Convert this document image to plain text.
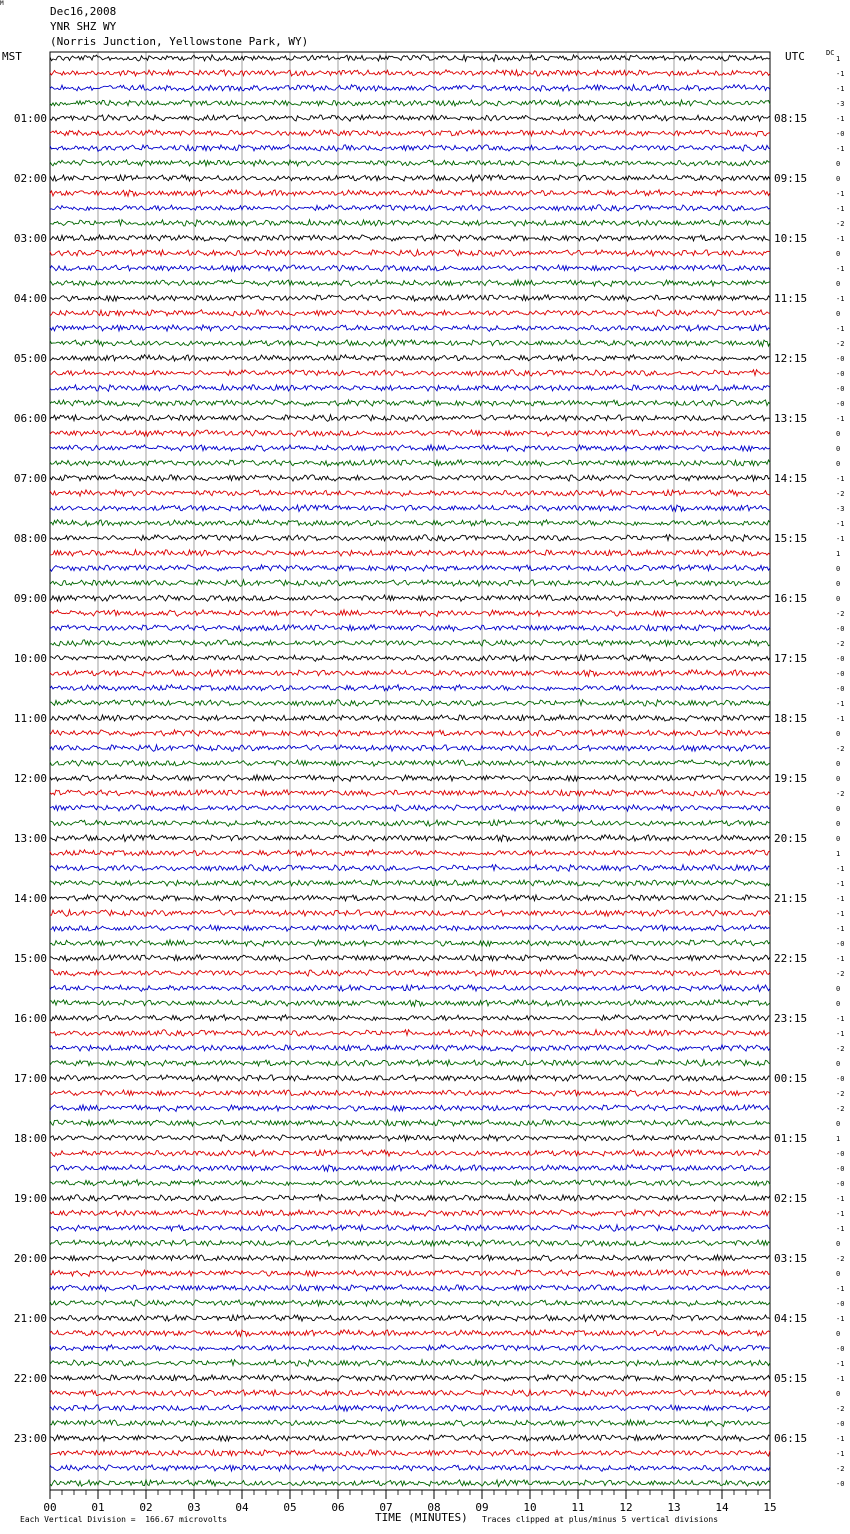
Dec16,2008
YNR SHZ WY
(Norris Junction, Yellowstone Park, WY)
MST	UTC	DC
1
-1
-1
-3
-1
-0
-1
0
0
-1
-1
-2
-1
0
-1
0
-1
0
-1
-2
-0
-0
-0
-0
-1
0
0
0
-1
-2
-3
-1
-1
1
0
0
0
-2
-0
-2
-0
-0
-0
-1
-1
0
-2
0
0
-2
0
0
0
1
-1
-1
-1
-1
-1
-0
-1
-2
0
0
-1
-1
-2
0
-0
-2
-2
0
1
-0
-0
-0
-1
-1
-1
0
-2
0
-1
-0
-1
0
-0
-1
-1
0
-2
-0
-1
-1
-2
-0
01:00
02:00
03:00
04:00
05:00
06:00
07:00
08:00
09:00
10:00
11:00
12:00
13:00
14:00
15:00
16:00
17:00
18:00
19:00
20:00
21:00
22:00
23:00
08:15
09:15
10:15
11:15
12:15
13:15
14:15
15:15
16:15
17:15
18:15
19:15
20:15
21:15
22:15
23:15
00:15
01:15
02:15
03:15
04:15
05:15
06:15
00	01	02	03	04	05	06	07	08	09	10	11	12	13	14	15
M
Each Vertical Division =  166.67 microvolts	TIME (MINUTES) Traces clipped at plus/minus 5 vertical divisions
